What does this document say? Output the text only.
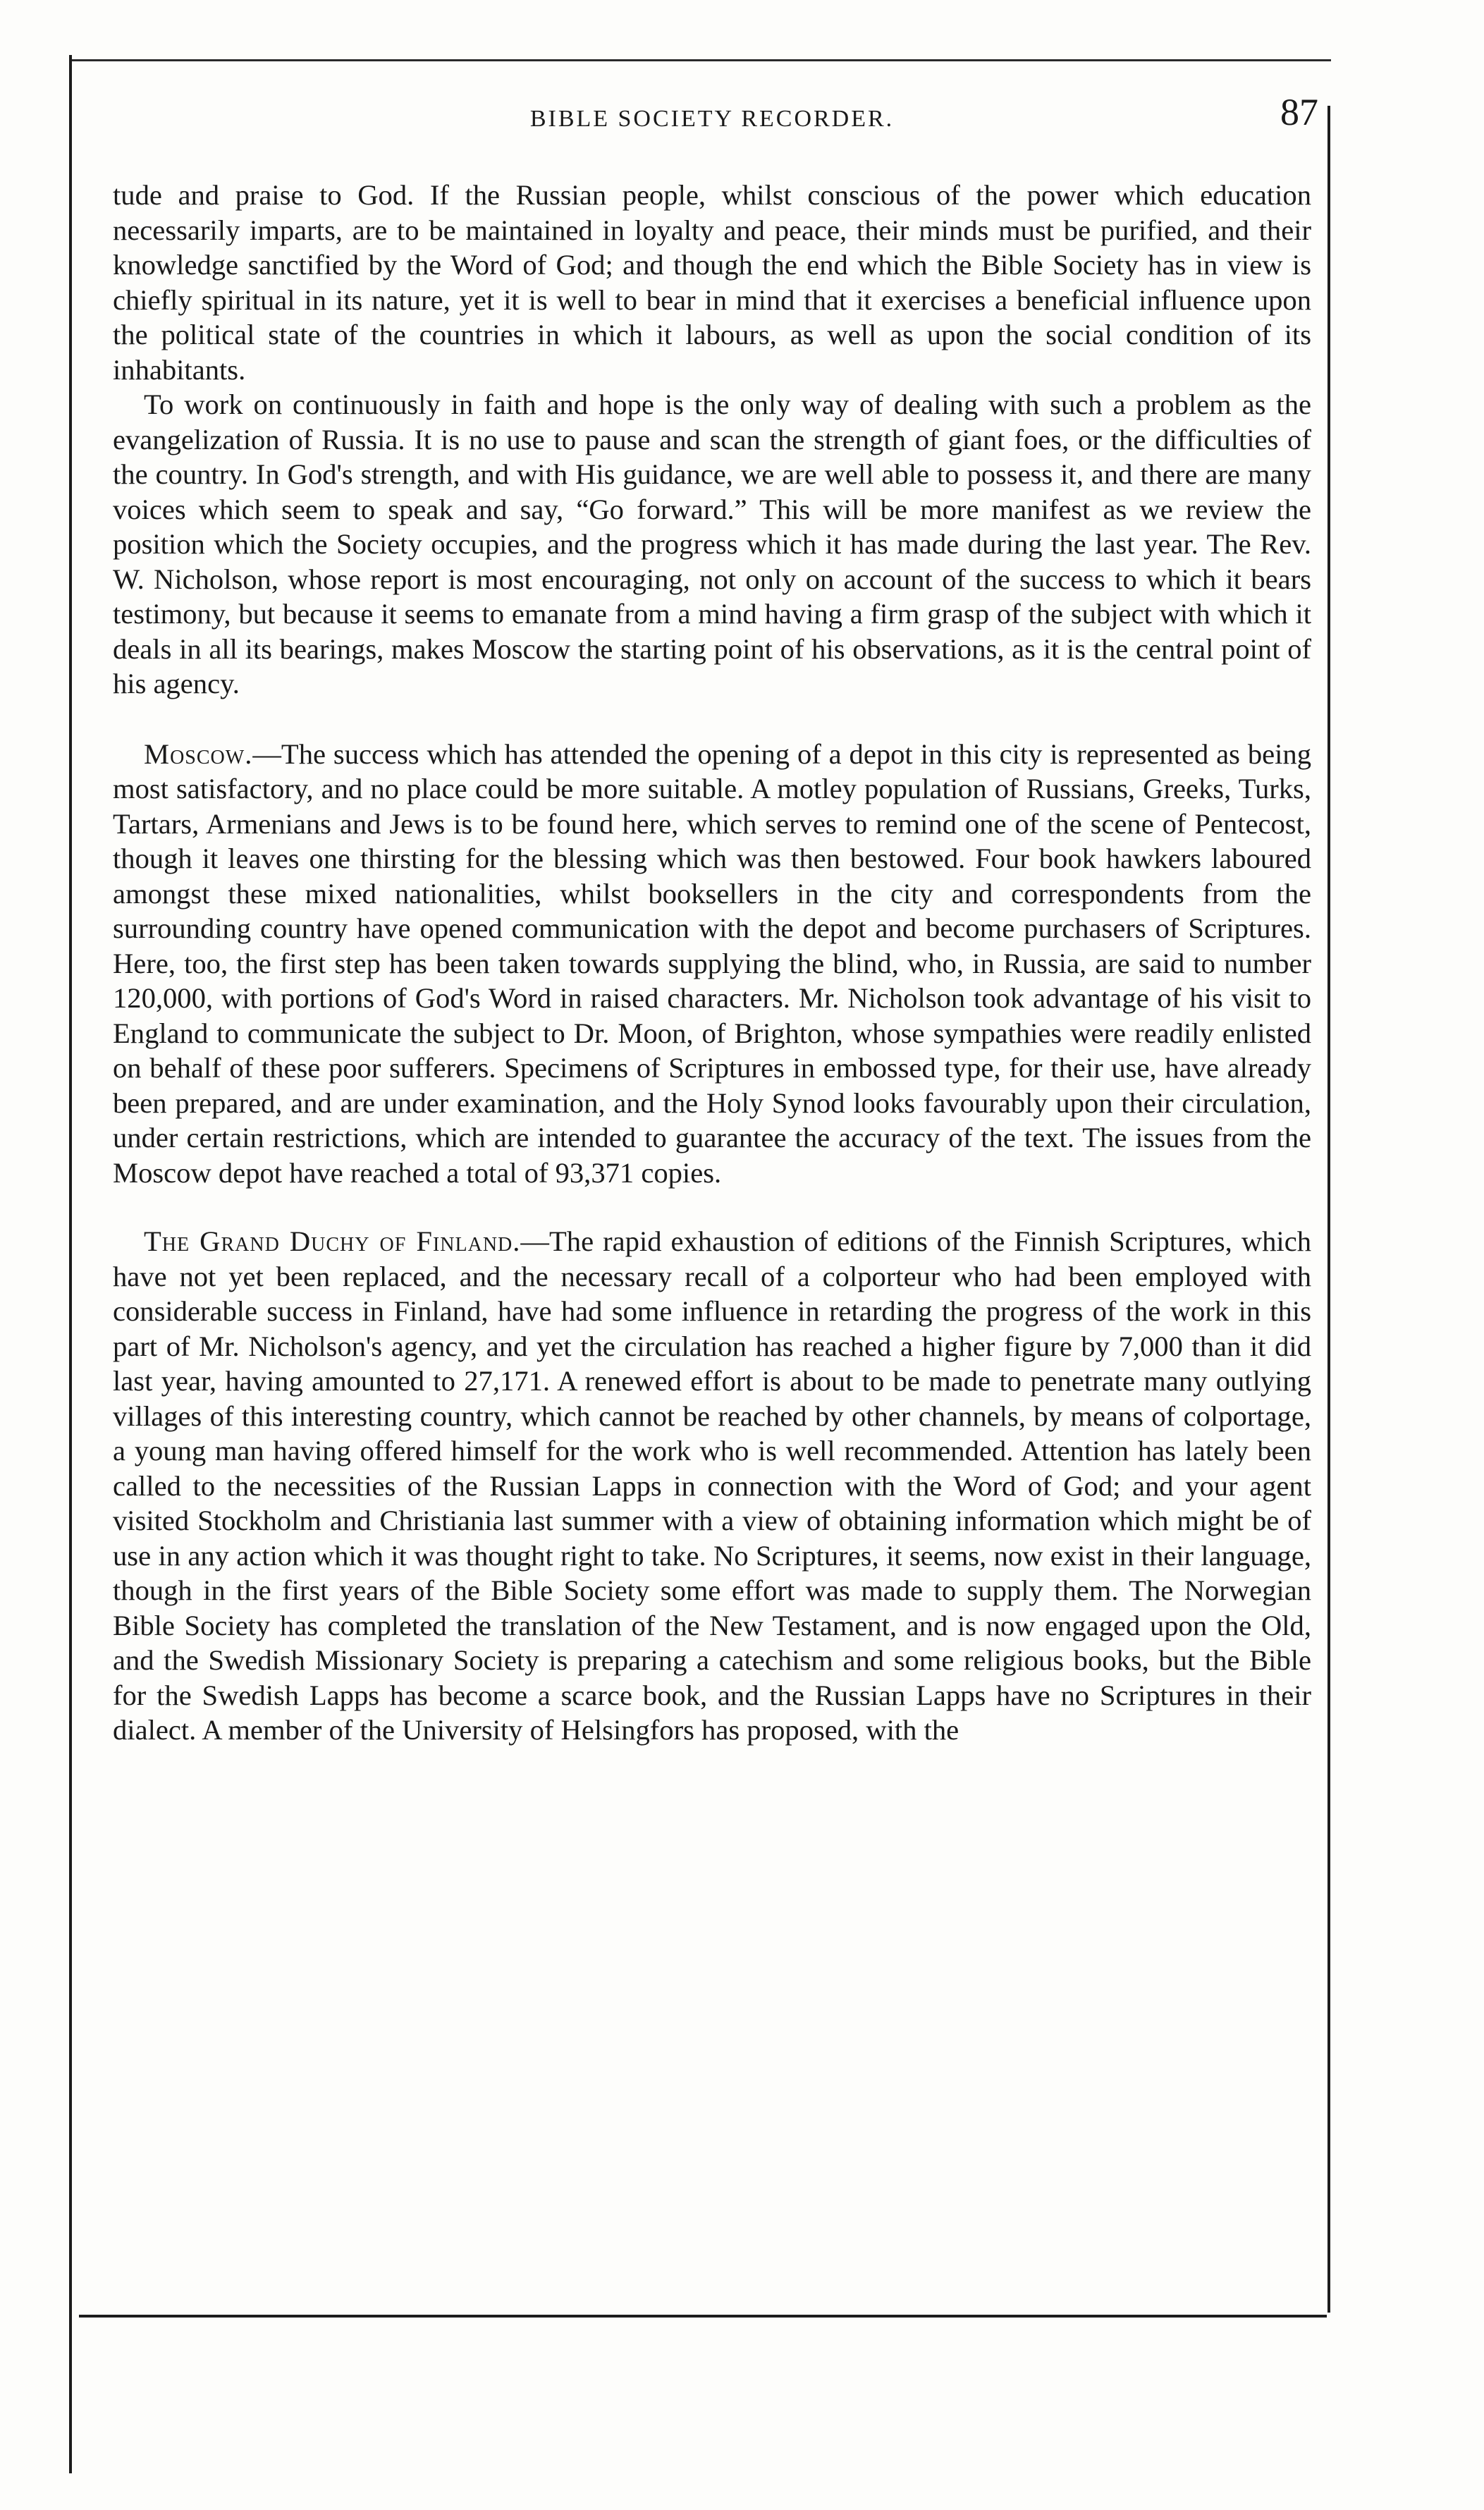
BIBLE SOCIETY RECORDER.	87

tude and praise to God. If the Russian people, whilst conscious of the power which education necessarily imparts, are to be maintained in loyalty and peace, their minds must be purified, and their knowledge sanctified by the Word of God; and though the end which the Bible Society has in view is chiefly spiritual in its nature, yet it is well to bear in mind that it exercises a beneficial influence upon the political state of the countries in which it labours, as well as upon the social condition of its inhabitants.

To work on continuously in faith and hope is the only way of dealing with such a problem as the evangelization of Russia. It is no use to pause and scan the strength of giant foes, or the difficulties of the country. In God's strength, and with His guidance, we are well able to possess it, and there are many voices which seem to speak and say, “Go forward.” This will be more manifest as we review the position which the Society occupies, and the progress which it has made during the last year. The Rev. W. Nicholson, whose report is most encouraging, not only on account of the success to which it bears testimony, but because it seems to emanate from a mind having a firm grasp of the subject with which it deals in all its bearings, makes Moscow the starting point of his observations, as it is the central point of his agency.

Moscow.—The success which has attended the opening of a depot in this city is represented as being most satisfactory, and no place could be more suitable. A motley population of Russians, Greeks, Turks, Tartars, Armenians and Jews is to be found here, which serves to remind one of the scene of Pentecost, though it leaves one thirsting for the blessing which was then bestowed. Four book hawkers laboured amongst these mixed nationalities, whilst booksellers in the city and correspondents from the surrounding country have opened communication with the depot and become purchasers of Scriptures. Here, too, the first step has been taken towards supplying the blind, who, in Russia, are said to number 120,000, with portions of God's Word in raised characters. Mr. Nicholson took advantage of his visit to England to communicate the subject to Dr. Moon, of Brighton, whose sympathies were readily enlisted on behalf of these poor sufferers. Specimens of Scriptures in embossed type, for their use, have already been prepared, and are under examination, and the Holy Synod looks favourably upon their circulation, under certain restrictions, which are intended to guarantee the accuracy of the text. The issues from the Moscow depot have reached a total of 93,371 copies.

The Grand Duchy of Finland.—The rapid exhaustion of editions of the Finnish Scriptures, which have not yet been replaced, and the necessary recall of a colporteur who had been employed with considerable success in Finland, have had some influence in retarding the progress of the work in this part of Mr. Nicholson's agency, and yet the circulation has reached a higher figure by 7,000 than it did last year, having amounted to 27,171. A renewed effort is about to be made to penetrate many outlying villages of this interesting country, which cannot be reached by other channels, by means of colportage, a young man having offered himself for the work who is well recommended. Attention has lately been called to the necessities of the Russian Lapps in connection with the Word of God; and your agent visited Stockholm and Christiania last summer with a view of obtaining information which might be of use in any action which it was thought right to take. No Scriptures, it seems, now exist in their language, though in the first years of the Bible Society some effort was made to supply them. The Norwegian Bible Society has completed the translation of the New Testament, and is now engaged upon the Old, and the Swedish Missionary Society is preparing a catechism and some religious books, but the Bible for the Swedish Lapps has become a scarce book, and the Russian Lapps have no Scriptures in their dialect. A member of the University of Helsingfors has proposed, with the
